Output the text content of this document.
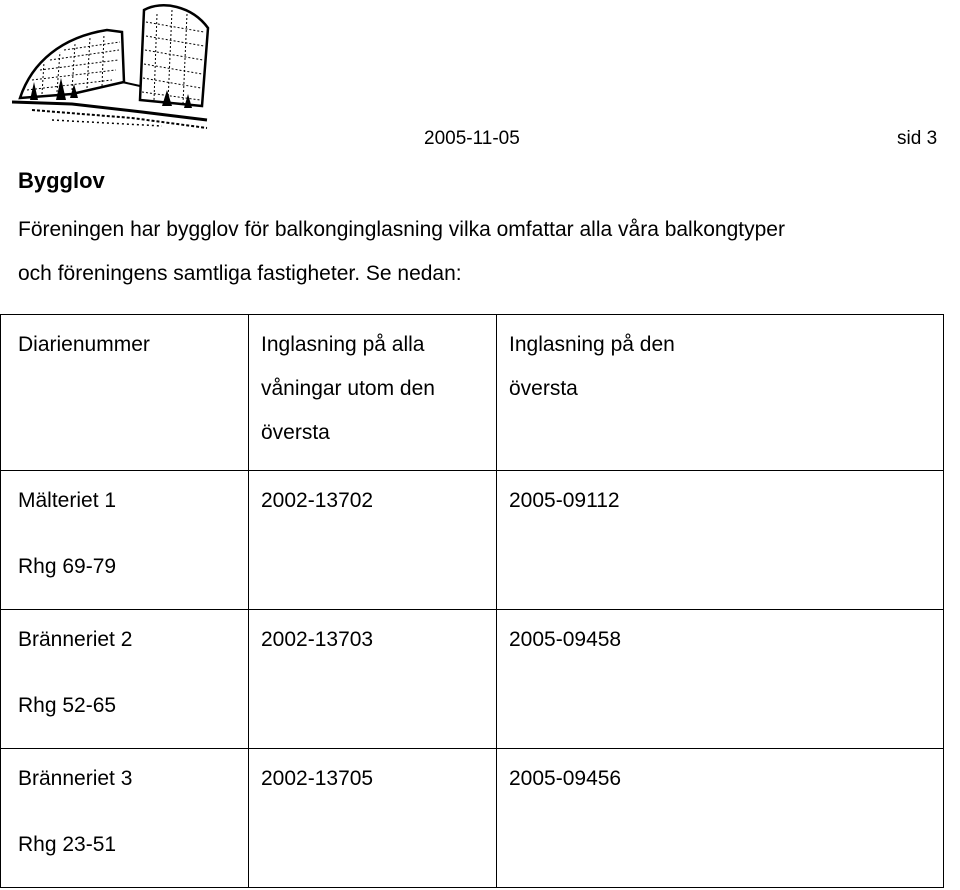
2005-11-05	sid 3
Bygglov
Föreningen har bygglov för balkonginglasning vilka omfattar alla våra balkongtyper
och föreningens samtliga fastigheter. Se nedan:
Diarienummer	Inglasning på alla
våningar utom den
översta	Inglasning på den
översta

Mälteriet 1
Rhg 69-79	2002-13702	2005-09112

Bränneriet 2
Rhg 52-65	2002-13703	2005-09458

Bränneriet 3
Rhg 23-51	2002-13705	2005-09456
